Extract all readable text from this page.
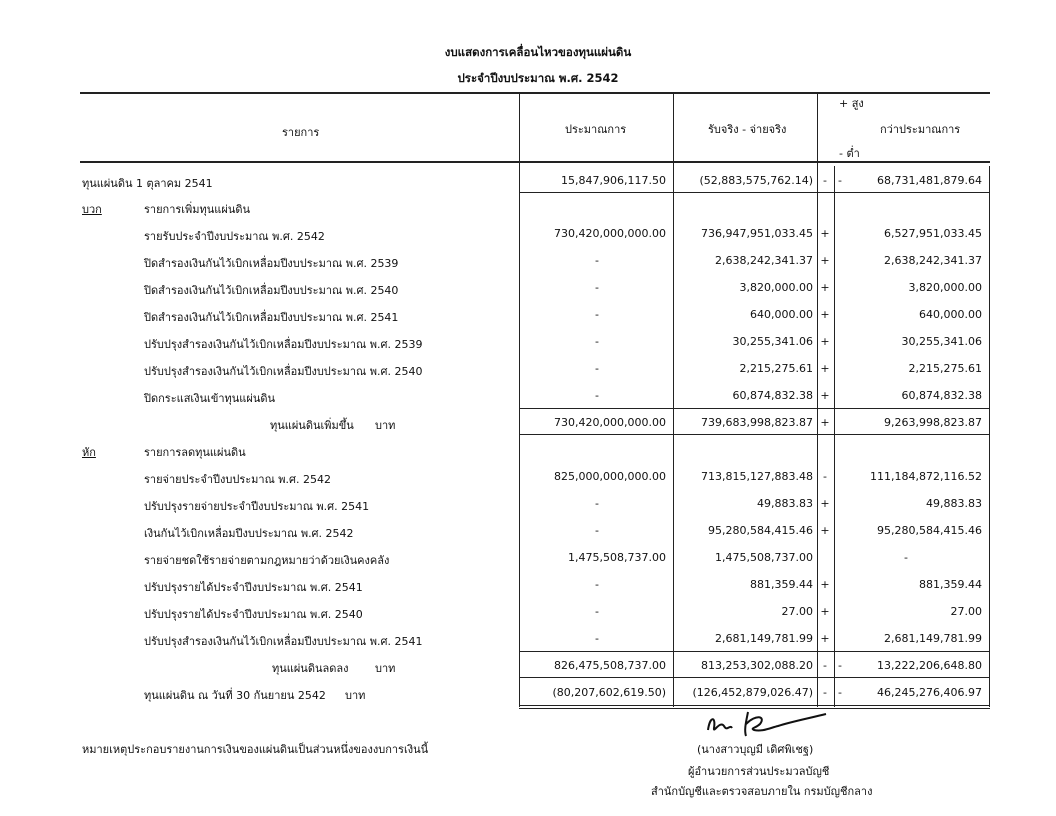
งบแสดงการเคลื่อนไหวของทุนแผ่นดิน
ประจำปีงบประมาณ พ.ศ. 2542
รายการ	ประมาณการ	รับจริง - จ่ายจริง
+ สูง
กว่าประมาณการ
- ต่ำ
ทุนแผ่นดิน 1 ตุลาคม 2541	15,847,906,117.50	(52,883,575,762.14) -	-	68,731,481,879.64
บวก	รายการเพิ่มทุนแผ่นดิน
รายรับประจำปีงบประมาณ พ.ศ. 2542	730,420,000,000.00	736,947,951,033.45 +	6,527,951,033.45
ปิดสำรองเงินกันไว้เบิกเหลื่อมปีงบประมาณ พ.ศ. 2539	-	2,638,242,341.37 +	2,638,242,341.37
ปิดสำรองเงินกันไว้เบิกเหลื่อมปีงบประมาณ พ.ศ. 2540	-	3,820,000.00 +	3,820,000.00
ปิดสำรองเงินกันไว้เบิกเหลื่อมปีงบประมาณ พ.ศ. 2541	-	640,000.00 +	640,000.00
ปรับปรุงสำรองเงินกันไว้เบิกเหลื่อมปีงบประมาณ พ.ศ. 2539	-	30,255,341.06 +	30,255,341.06
ปรับปรุงสำรองเงินกันไว้เบิกเหลื่อมปีงบประมาณ พ.ศ. 2540	-	2,215,275.61 +	2,215,275.61
ปิดกระแสเงินเข้าทุนแผ่นดิน	-	60,874,832.38 +	60,874,832.38
ทุนแผ่นดินเพิ่มขึ้น บาท	730,420,000,000.00	739,683,998,823.87 +	9,263,998,823.87
หัก	รายการลดทุนแผ่นดิน
รายจ่ายประจำปีงบประมาณ พ.ศ. 2542	825,000,000,000.00	713,815,127,883.48 -	111,184,872,116.52
ปรับปรุงรายจ่ายประจำปีงบประมาณ พ.ศ. 2541	-	49,883.83 +	49,883.83
เงินกันไว้เบิกเหลื่อมปีงบประมาณ พ.ศ. 2542	-	95,280,584,415.46 +	95,280,584,415.46
รายจ่ายชดใช้รายจ่ายตามกฎหมายว่าด้วยเงินคงคลัง	1,475,508,737.00	1,475,508,737.00	-
ปรับปรุงรายได้ประจำปีงบประมาณ พ.ศ. 2541	-	881,359.44 +	881,359.44
ปรับปรุงรายได้ประจำปีงบประมาณ พ.ศ. 2540	-	27.00 +	27.00
ปรับปรุงสำรองเงินกันไว้เบิกเหลื่อมปีงบประมาณ พ.ศ. 2541	-	2,681,149,781.99 +	2,681,149,781.99
ทุนแผ่นดินลดลง บาท	826,475,508,737.00	813,253,302,088.20 -	-	13,222,206,648.80
ทุนแผ่นดิน ณ วันที่ 30 กันยายน 2542 บาท	(80,207,602,619.50)	(126,452,879,026.47) -	-	46,245,276,406.97
หมายเหตุประกอบรายงานการเงินของแผ่นดินเป็นส่วนหนึ่งของงบการเงินนี้	(นางสาวบุญมี เดิศพิเชฐ)
ผู้อำนวยการส่วนประมวลบัญชี
สำนักบัญชีและตรวจสอบภายใน กรมบัญชีกลาง
